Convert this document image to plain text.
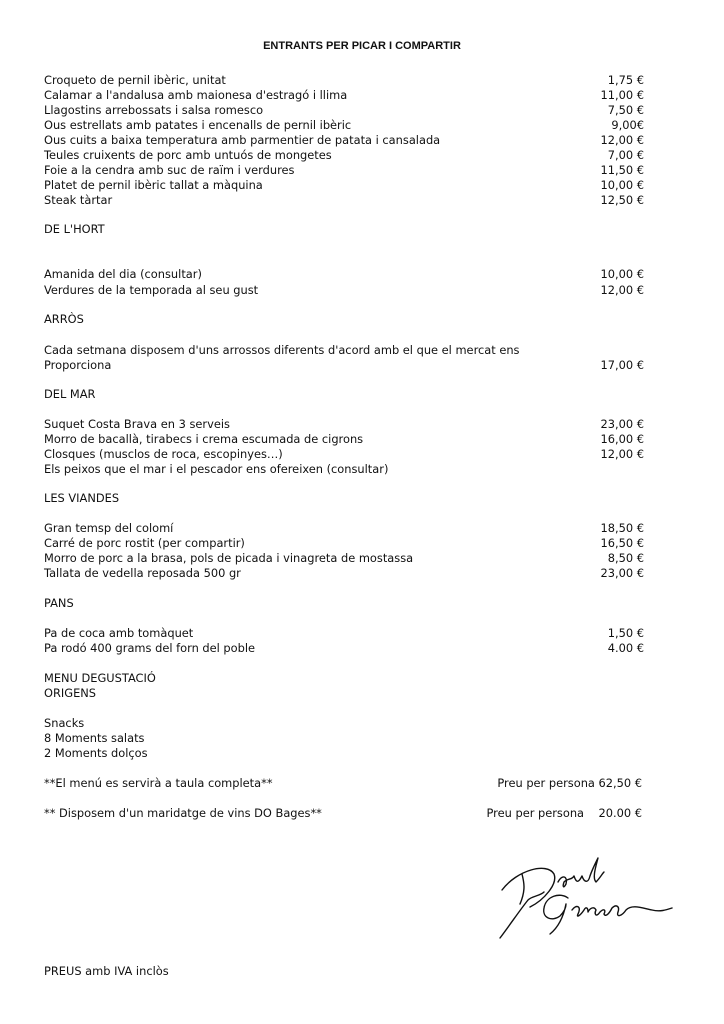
ENTRANTS PER PICAR I COMPARTIR
Croqueto de pernil ibèric, unitat	1,75 €
Calamar a l'andalusa amb maionesa d'estragó i llima	11,00 €
Llagostins arrebossats i salsa romesco	7,50 €
Ous estrellats amb patates i encenalls de pernil ibèric	9,00€
Ous cuits a baixa temperatura amb parmentier de patata i cansalada	12,00 €
Teules cruixents de porc amb untuós de mongetes	7,00 €
Foie a la cendra amb suc de raïm i verdures	11,50 €
Platet de pernil ibèric tallat a màquina	10,00 €
Steak tàrtar	12,50 €
DE L'HORT
Amanida del dia (consultar)	10,00 €
Verdures de la temporada al seu gust	12,00 €
ARRÒS
Cada setmana disposem d'uns arrossos diferents d'acord amb el que el mercat ens
Proporciona	17,00 €
DEL MAR
Suquet Costa Brava en 3 serveis	23,00 €
Morro de bacallà, tirabecs i crema escumada de cigrons	16,00 €
Closques (musclos de roca, escopinyes…)	12,00 €
Els peixos que el mar i el pescador ens ofereixen (consultar)
LES VIANDES
Gran temsp del colomí	18,50 €
Carré de porc rostit (per compartir)	16,50 €
Morro de porc a la brasa, pols de picada i vinagreta de mostassa	8,50 €
Tallata de vedella reposada 500 gr	23,00 €
PANS
Pa de coca amb tomàquet	1,50 €
Pa rodó 400 grams del forn del poble	4.00 €
MENU DEGUSTACIÓ
ORIGENS
Snacks
8 Moments salats
2 Moments dolços
**El menú es servirà a taula completa**	Preu per persona 62,50 €
** Disposem d'un maridatge de vins DO Bages**	Preu per persona    20.00 €
PREUS amb IVA inclòs
